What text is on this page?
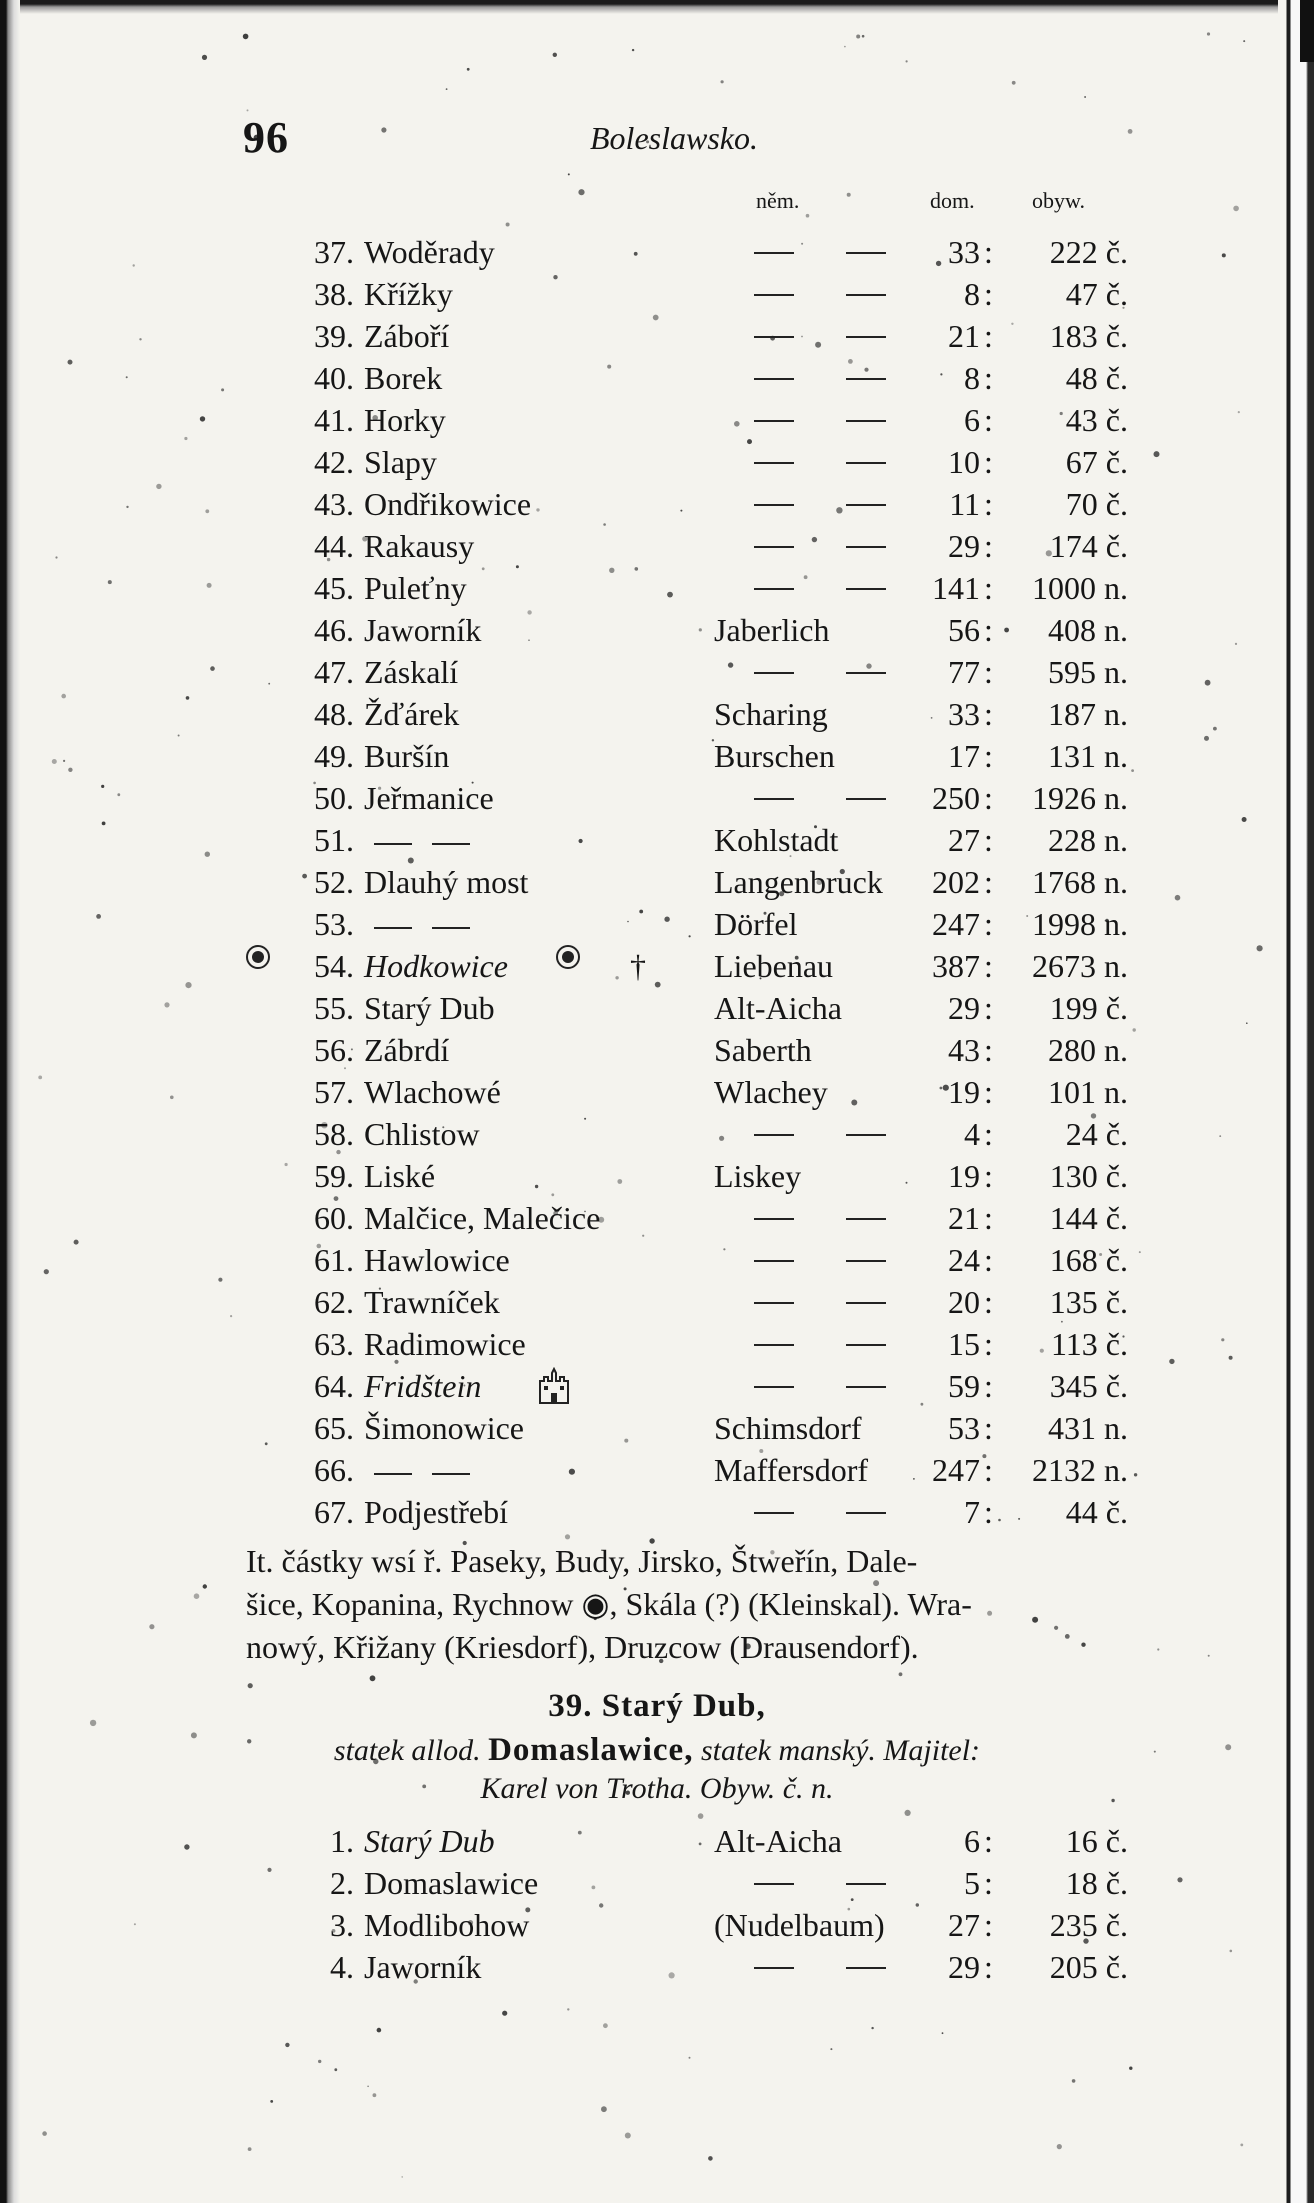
96	Boleslawsko.
něm.	dom.	obyw.
37. Woděrady	33 : 222 č.
38. Křížky	8 : 47 č.
39. Záboří	21 : 183 č.
40. Borek	8 : 48 č.
41. Horky	6 : 43 č.
42. Slapy	10 : 67 č.
43. Ondřikowice	11 : 70 č.
44. Rakausy	29 : 174 č.
45. Puleťny	141 : 1000 n.
46. Jaworník	Jaberlich	56 : 408 n.
47. Záskalí	77 : 595 n.
48. Žďárek	Scharing	33 : 187 n.
49. Buršín	Burschen	17 : 131 n.
50. Jeřmanice	250 : 1926 n.
51.	Kohlstadt	27 : 228 n.
52. Dlauhý most	Langenbruck 202 : 1768 n.
53.	Dörfel	247 : 1998 n.
54. Hodkowice	† Liebenau	387 : 2673 n.
55. Starý Dub	Alt-Aicha	29 : 199 č.
56. Zábrdí	Saberth	43 : 280 n.
57. Wlachowé	Wlachey	19 : 101 n.
58. Chlistow	4 : 24 č.
59. Liské	Liskey	19 : 130 č.
60. Malčice, Malečice	21 : 144 č.
61. Hawlowice	24 : 168 č.
62. Trawníček	20 : 135 č.
63. Radimowice	15 : 113 č.
64. Fridštein	59 : 345 č.
65. Šimonowice	Schimsdorf	53 : 431 n.
66.	Maffersdorf 247 : 2132 n.
67. Podjestřebí	7 : 44 č.
It. částky wsí ř. Paseky, Budy, Jirsko, Štweřín, Dale-
šice, Kopanina, Rychnow ◉, Skála (?) (Kleinskal). Wra-
nowý, Křižany (Kriesdorf), Druzcow (Drausendorf).
39. Starý Dub,
statek allod. Domaslawice, statek manský. Majitel:
Karel von Trotha. Obyw. č. n.
1. Starý Dub	Alt-Aicha	6 : 16 č.
2. Domaslawice	5 : 18 č.
3. Modlibohow	(Nudelbaum) 27 : 235 č.
4. Jaworník	29 : 205 č.
